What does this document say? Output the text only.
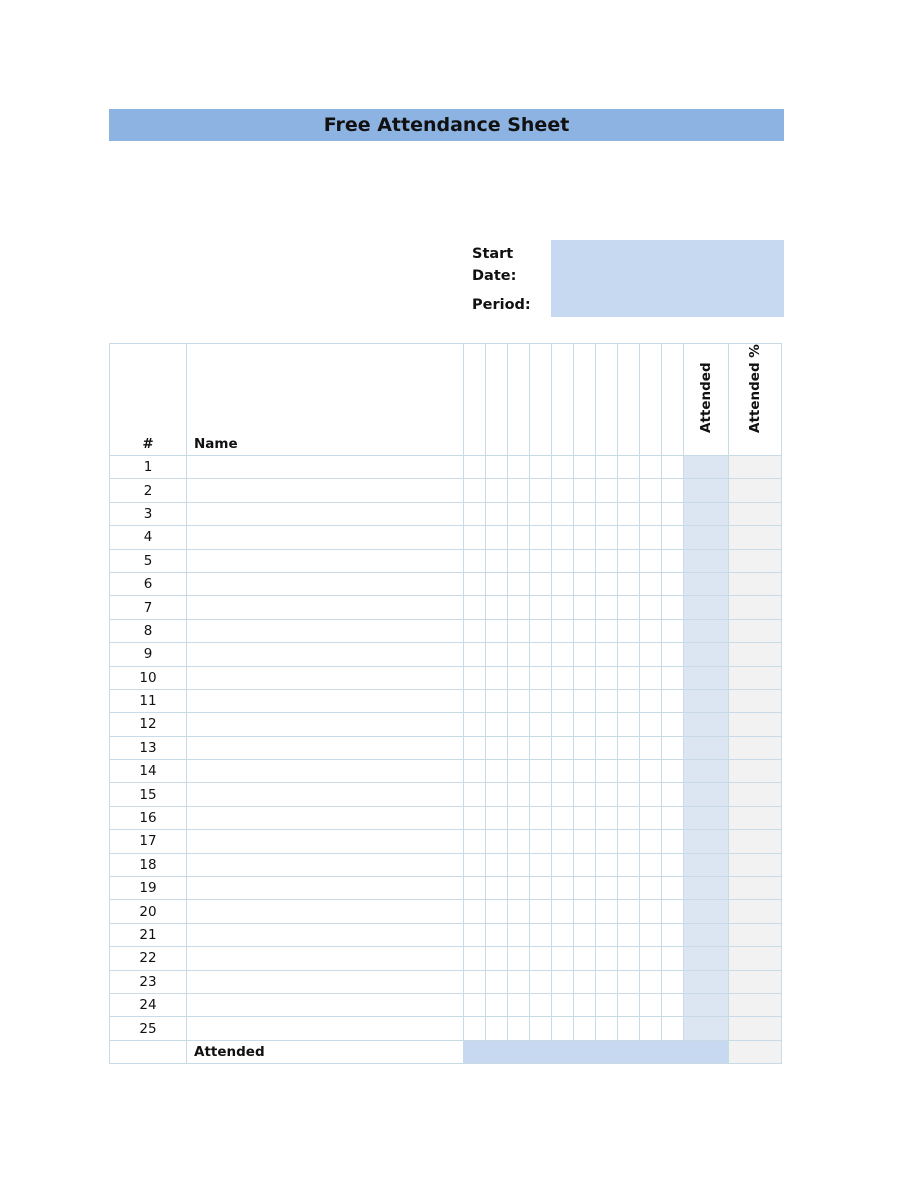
Free Attendance Sheet
Start
Date:
Period:
#	Name											Attended	Attended %

1													
2													
3													
4													
5													
6													
7													
8													
9													
10													
11													
12													
13													
14													
15													
16													
17													
18													
19													
20													
21													
22													
23													
24													
25													
	Attended												
